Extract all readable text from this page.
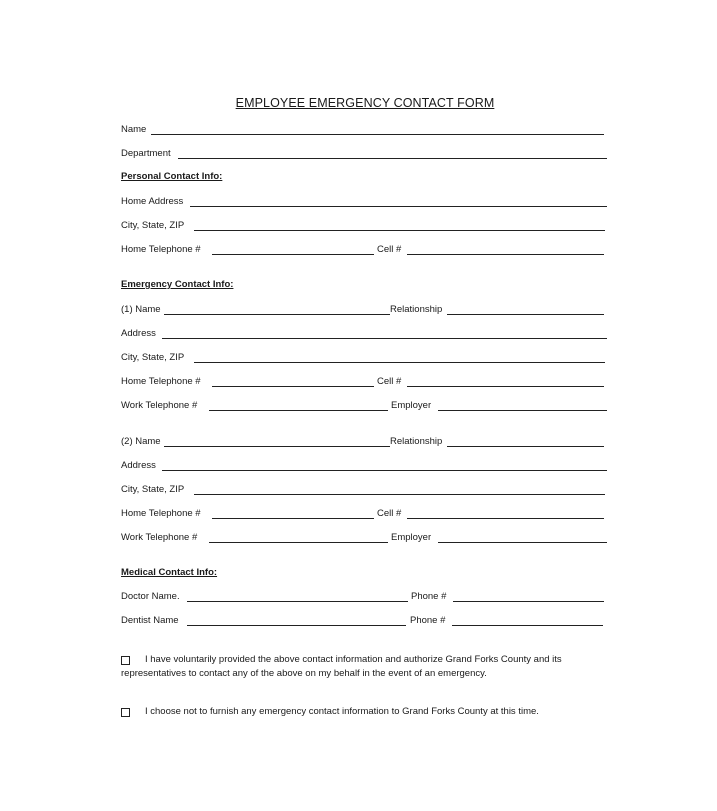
EMPLOYEE EMERGENCY CONTACT FORM
Name
Department
Personal Contact Info:
Home Address
City, State, ZIP
Home Telephone #	Cell #
Emergency Contact Info:
(1) Name	Relationship
Address
City, State, ZIP
Home Telephone #	Cell #
Work Telephone #	Employer
(2) Name	Relationship
Address
City, State, ZIP
Home Telephone #	Cell #
Work Telephone #	Employer
Medical Contact Info:
Doctor Name.	Phone #
Dentist Name	Phone #
I have voluntarily provided the above contact information and authorize Grand Forks County and its
representatives to contact any of the above on my behalf in the event of an emergency.
I choose not to furnish any emergency contact information to Grand Forks County at this time.
